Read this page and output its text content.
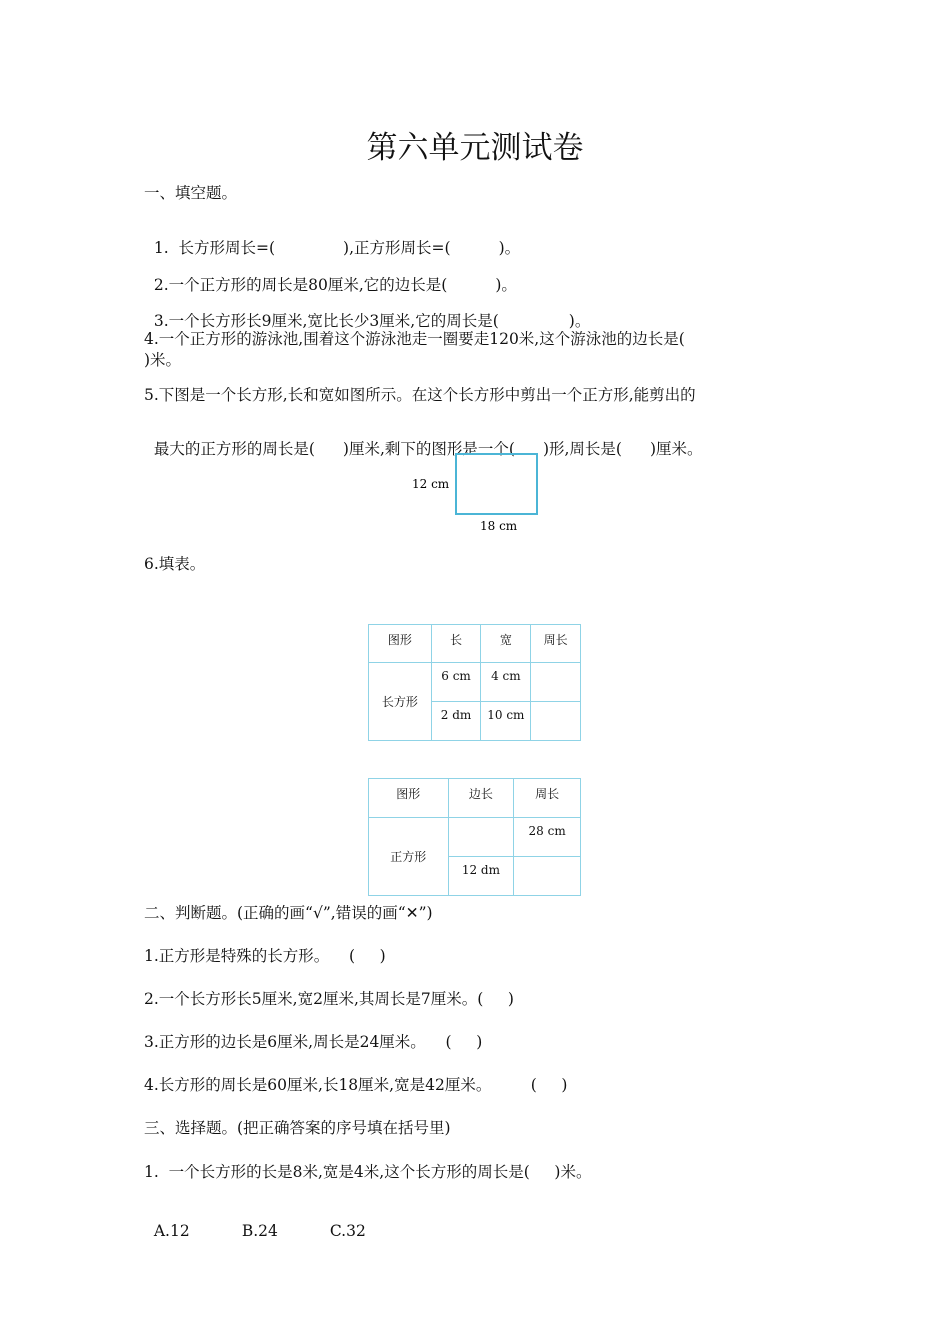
第六单元测试卷
一、填空题。

1.  长方形周长=(	),正方形周长=(	)。

2.一个正方形的周长是80厘米,它的边长是(	)。

3.一个长方形长9厘米,宽比长少3厘米,它的周长是(	)。

4.一个正方形的游泳池,围着这个游泳池走一圈要走120米,这个游泳池的边长是(
)米。
5.下图是一个长方形,长和宽如图所示。在这个长方形中剪出一个正方形,能剪出的

最大的正方形的周长是( )厘米,剩下的图形是一个( )形,周长是( )厘米。

12 cm
18 cm
6.填表。
图形	长	宽	周长
长方形	6 cm	4 cm	
	2 dm	10 cm	
图形	边长	周长
正方形		28 cm
	12 dm	
二、判断题。(正确的画“√”,错误的画“✕”)
1.正方形是特殊的长方形。    (     )
2.一个长方形长5厘米,宽2厘米,其周长是7厘米。(     )
3.正方形的边长是6厘米,周长是24厘米。    (     )
4.长方形的周长是60厘米,长18厘米,宽是42厘米。        (     )
三、选择题。(把正确答案的序号填在括号里)
1.  一个长方形的长是8米,宽是4米,这个长方形的周长是(     )米。

A.12	B.24	C.32
